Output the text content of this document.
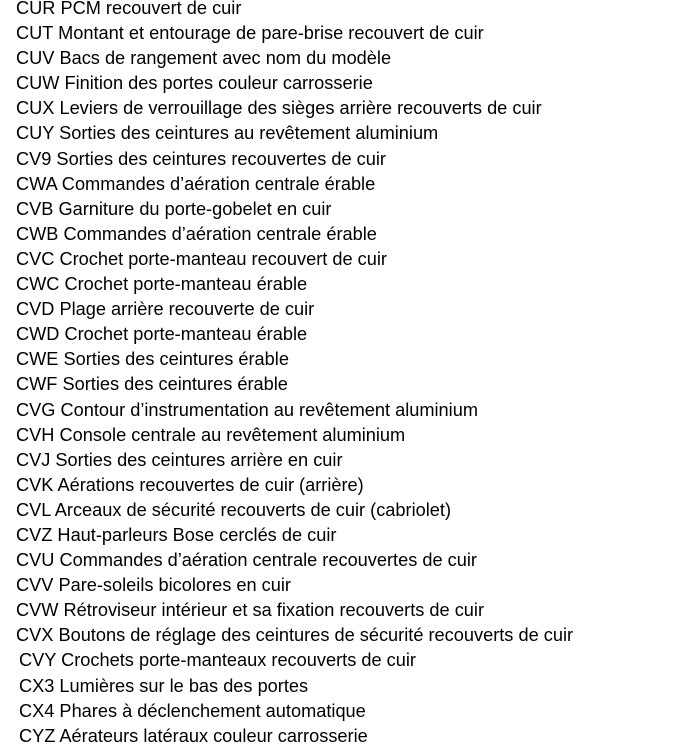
CUR PCM recouvert de cuir

CUT Montant et entourage de pare-brise recouvert de cuir

CUV Bacs de rangement avec nom du modèle

CUW Finition des portes couleur carrosserie

CUX Leviers de verrouillage des sièges arrière recouverts de cuir

CUY Sorties des ceintures au revêtement aluminium

CV9 Sorties des ceintures recouvertes de cuir

CWA Commandes d’aération centrale érable

CVB Garniture du porte-gobelet en cuir

CWB Commandes d’aération centrale érable

CVC Crochet porte-manteau recouvert de cuir

CWC Crochet porte-manteau érable

CVD Plage arrière recouverte de cuir

CWD Crochet porte-manteau érable

CWE Sorties des ceintures érable

CWF Sorties des ceintures érable

CVG Contour d’instrumentation au revêtement aluminium

CVH Console centrale au revêtement aluminium

CVJ Sorties des ceintures arrière en cuir

CVK Aérations recouvertes de cuir (arrière)

CVL Arceaux de sécurité recouverts de cuir (cabriolet)

CVZ Haut-parleurs Bose cerclés de cuir

CVU Commandes d’aération centrale recouvertes de cuir

CVV Pare-soleils bicolores en cuir

CVW Rétroviseur intérieur et sa fixation recouverts de cuir

CVX Boutons de réglage des ceintures de sécurité recouverts de cuir

CVY Crochets porte-manteaux recouverts de cuir

CX3 Lumières sur le bas des portes

CX4 Phares à déclenchement automatique

CYZ Aérateurs latéraux couleur carrosserie
